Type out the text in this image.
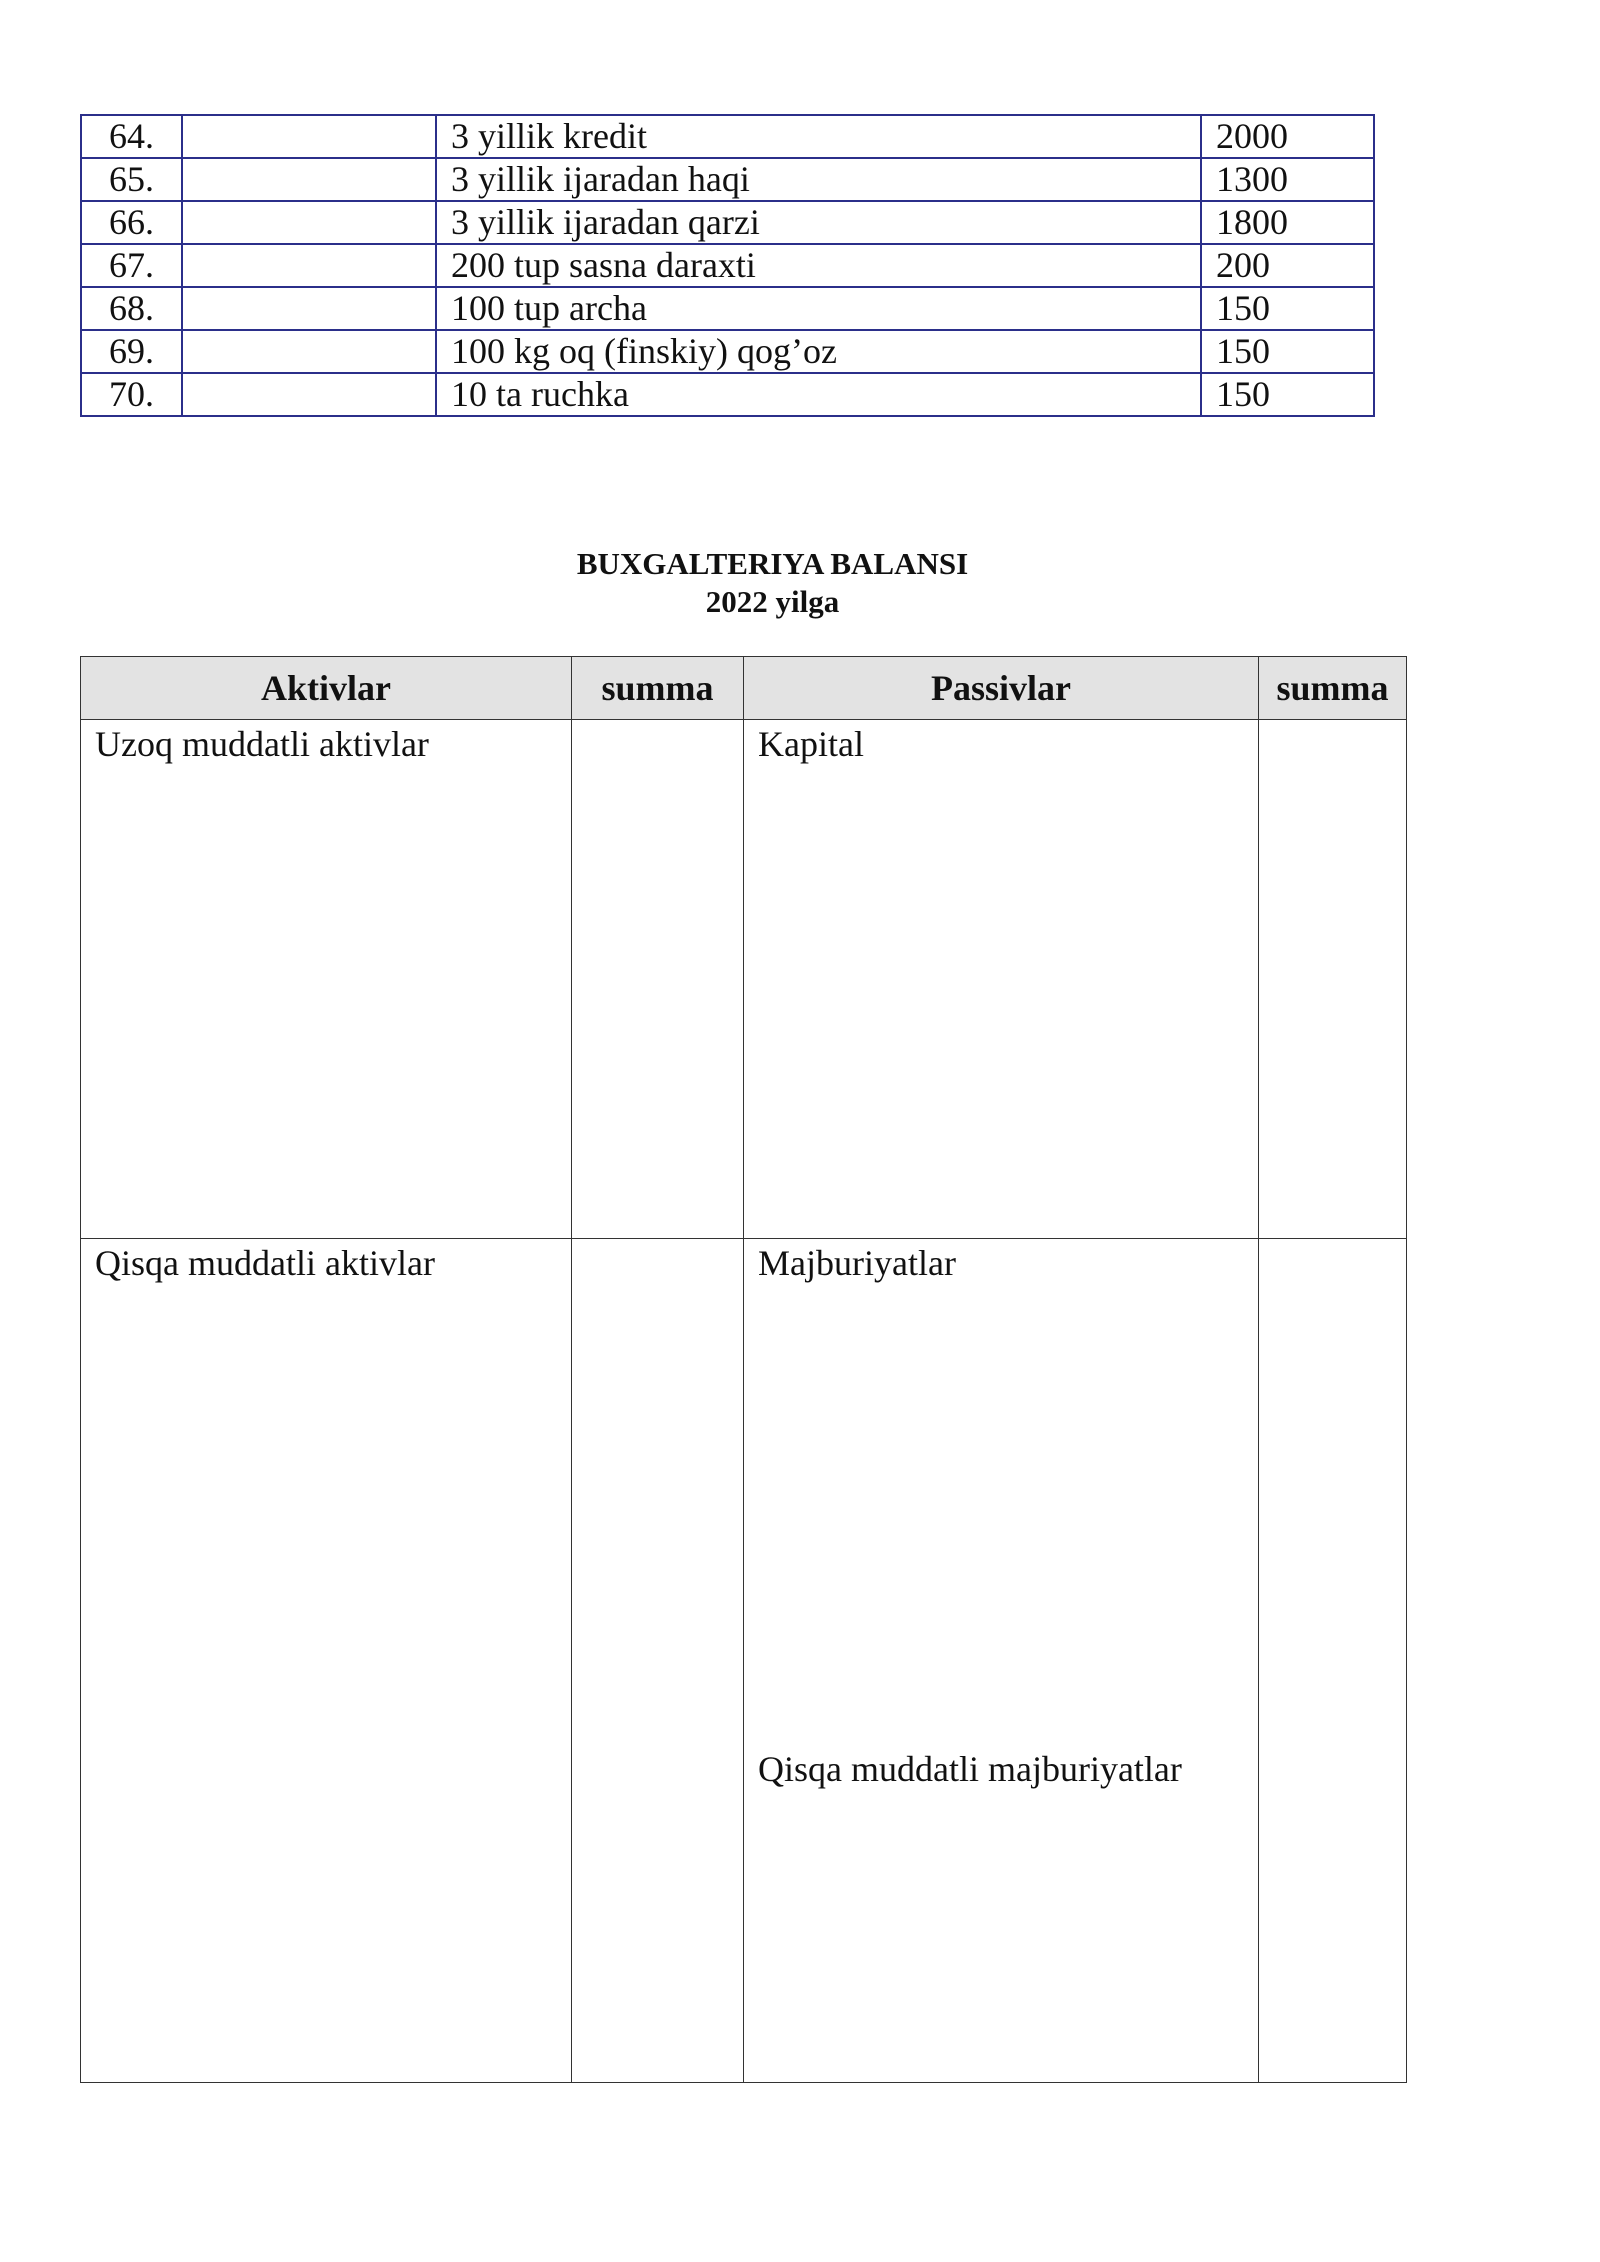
64.		3 yillik kredit	2000
65.		3 yillik ijaradan haqi	1300
66.		3 yillik ijaradan qarzi	1800
67.		200 tup sasna daraxti	200
68.		100 tup archa	150
69.		100 kg oq (finskiy) qog’oz	150
70.		10 ta ruchka	150
BUXGALTERIYA BALANSI
2022 yilga
Aktivlar	summa	Passivlar	summa

Uzoq muddatli aktivlar		Kapital	

Qisqa muddatli aktivlar		Majburiyatlar
Qisqa muddatli majburiyatlar	
